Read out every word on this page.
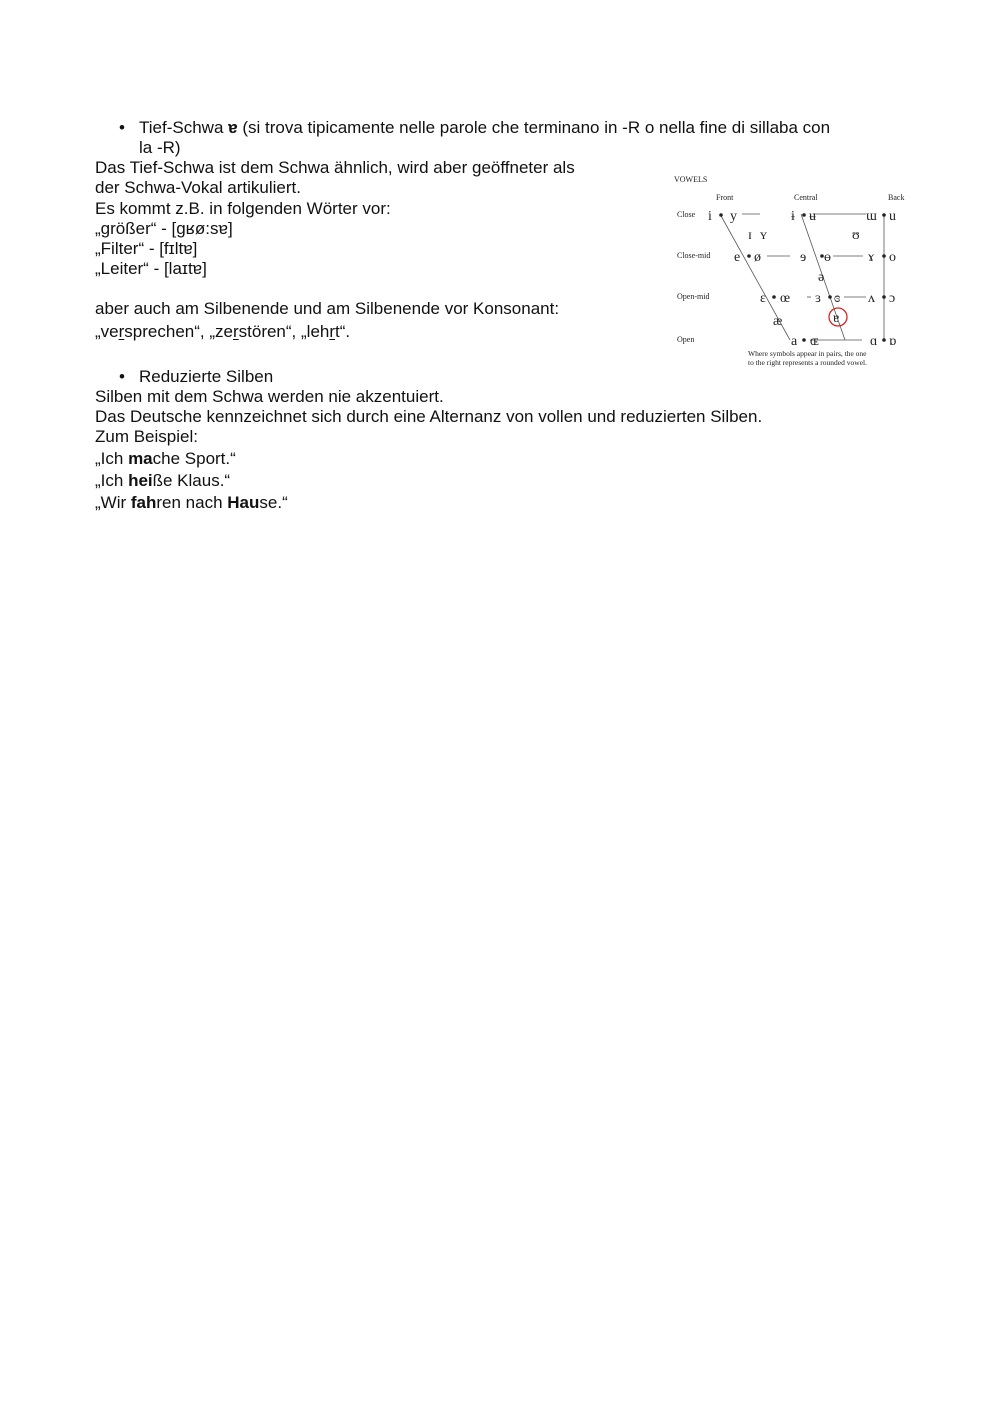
• Tief-Schwa ɐ (si trova tipicamente nelle parole che terminano in -R o nella fine di sillaba con
la -R)
Das Tief-Schwa ist dem Schwa ähnlich, wird aber geöffneter als
der Schwa-Vokal artikuliert.
Es kommt z.B. in folgenden Wörter vor:
„größer“ - [gʁø:sɐ]
„Filter“ - [fɪltɐ]
„Leiter“ - [laɪtɐ]
aber auch am Silbenende und am Silbenende vor Konsonant:
„versprechen“, „zerstören“, „lehrt“.
VOWELS
Front	Central	Back
Close
Close-mid
Open-mid
Open
i y	ɨ ʉ	ɯ u
ɪ ʏ	ʊ
e ø	ɘ ɵ	ɤ o
ə
ɛ œ ɜ ɞ ʌ ɔ
æ	ɐ
a ɶ	ɑ ɒ
Where symbols appear in pairs, the one
to the right represents a rounded vowel.
• Reduzierte Silben
Silben mit dem Schwa werden nie akzentuiert.
Das Deutsche kennzeichnet sich durch eine Alternanz von vollen und reduzierten Silben.
Zum Beispiel:
„Ich mache Sport.“
„Ich heiße Klaus.“
„Wir fahren nach Hause.“
